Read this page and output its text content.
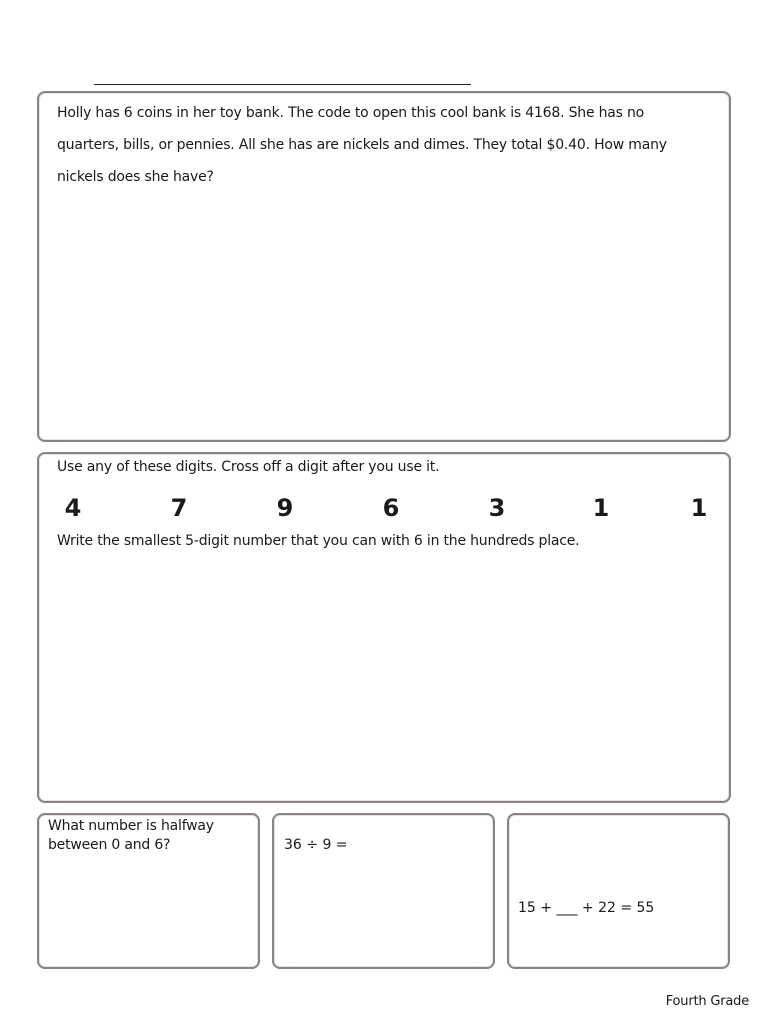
Holly has 6 coins in her toy bank. The code to open this cool bank is 4168. She has no quarters, bills, or pennies. All she has are nickels and dimes. They total $0.40. How many nickels does she have?
Use any of these digits. Cross off a digit after you use it.
4	7	9	6	3	1	1
Write the smallest 5-digit number that you can with 6 in the hundreds place.
What number is halfway between 0 and 6?	36 ÷ 9 =
15 + ___ + 22 = 55
Fourth Grade
